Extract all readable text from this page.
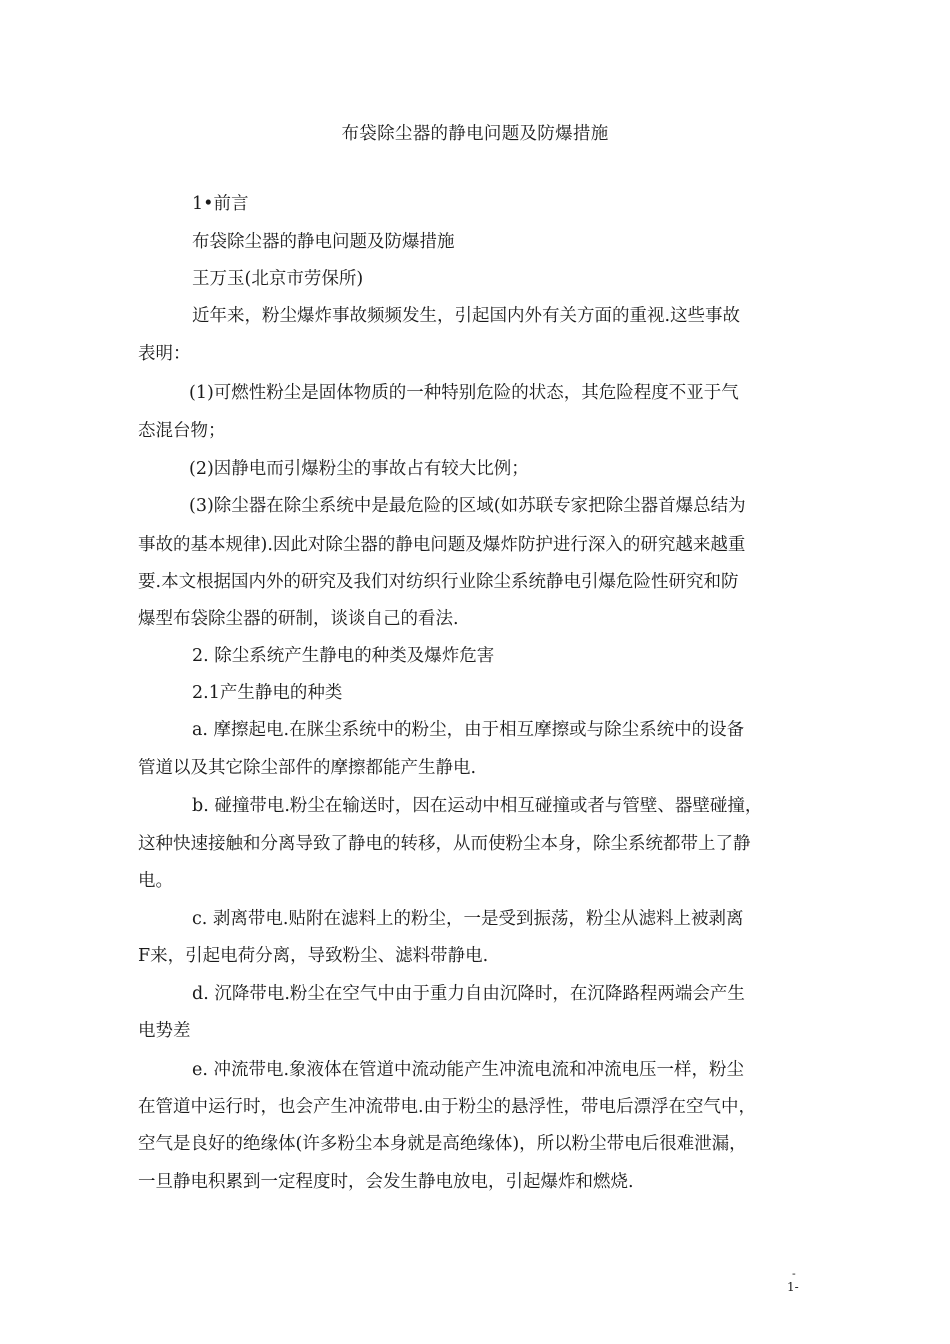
布袋除尘器的静电问题及防爆措施
1•前言
布袋除尘器的静电问题及防爆措施
王万玉(北京市劳保所)
近年来，粉尘爆炸事故频频发生，引起国内外有关方面的重视.这些事故
表明：
(1)可燃性粉尘是固体物质的一种特别危险的状态，其危险程度不亚于气
态混台物；
(2)因静电而引爆粉尘的事故占有较大比例；
(3)除尘器在除尘系统中是最危险的区域(如苏联专家把除尘器首爆总结为
事故的基本规律).因此对除尘器的静电问题及爆炸防护进行深入的研究越来越重
要.本文根据国内外的研究及我们对纺织行业除尘系统静电引爆危险性研究和防
爆型布袋除尘器的研制，谈谈自己的看法.
2. 除尘系统产生静电的种类及爆炸危害
2.1产生静电的种类
a. 摩擦起电.在脒尘系统中的粉尘，由于相互摩擦或与除尘系统中的设备
管道以及其它除尘部件的摩擦都能产生静电.
b. 碰撞带电.粉尘在输送时，因在运动中相互碰撞或者与管壁、器壁碰撞，
这种快速接触和分离导致了静电的转移，从而使粉尘本身，除尘系统都带上了静
电。
c. 剥离带电.贴附在滤料上的粉尘，一是受到振荡，粉尘从滤料上被剥离
F来，引起电荷分离，导致粉尘、滤料带静电.
d. 沉降带电.粉尘在空气中由于重力自由沉降时，在沉降路程两端会产生
电势差
e. 冲流带电.象液体在管道中流动能产生冲流电流和冲流电压一样，粉尘
在管道中运行时，也会产生冲流带电.由于粉尘的悬浮性，带电后漂浮在空气中，
空气是良好的绝缘体(许多粉尘本身就是高绝缘体)，所以粉尘带电后很难泄漏，
一旦静电积累到一定程度时，会发生静电放电，引起爆炸和燃烧.
-
1-
